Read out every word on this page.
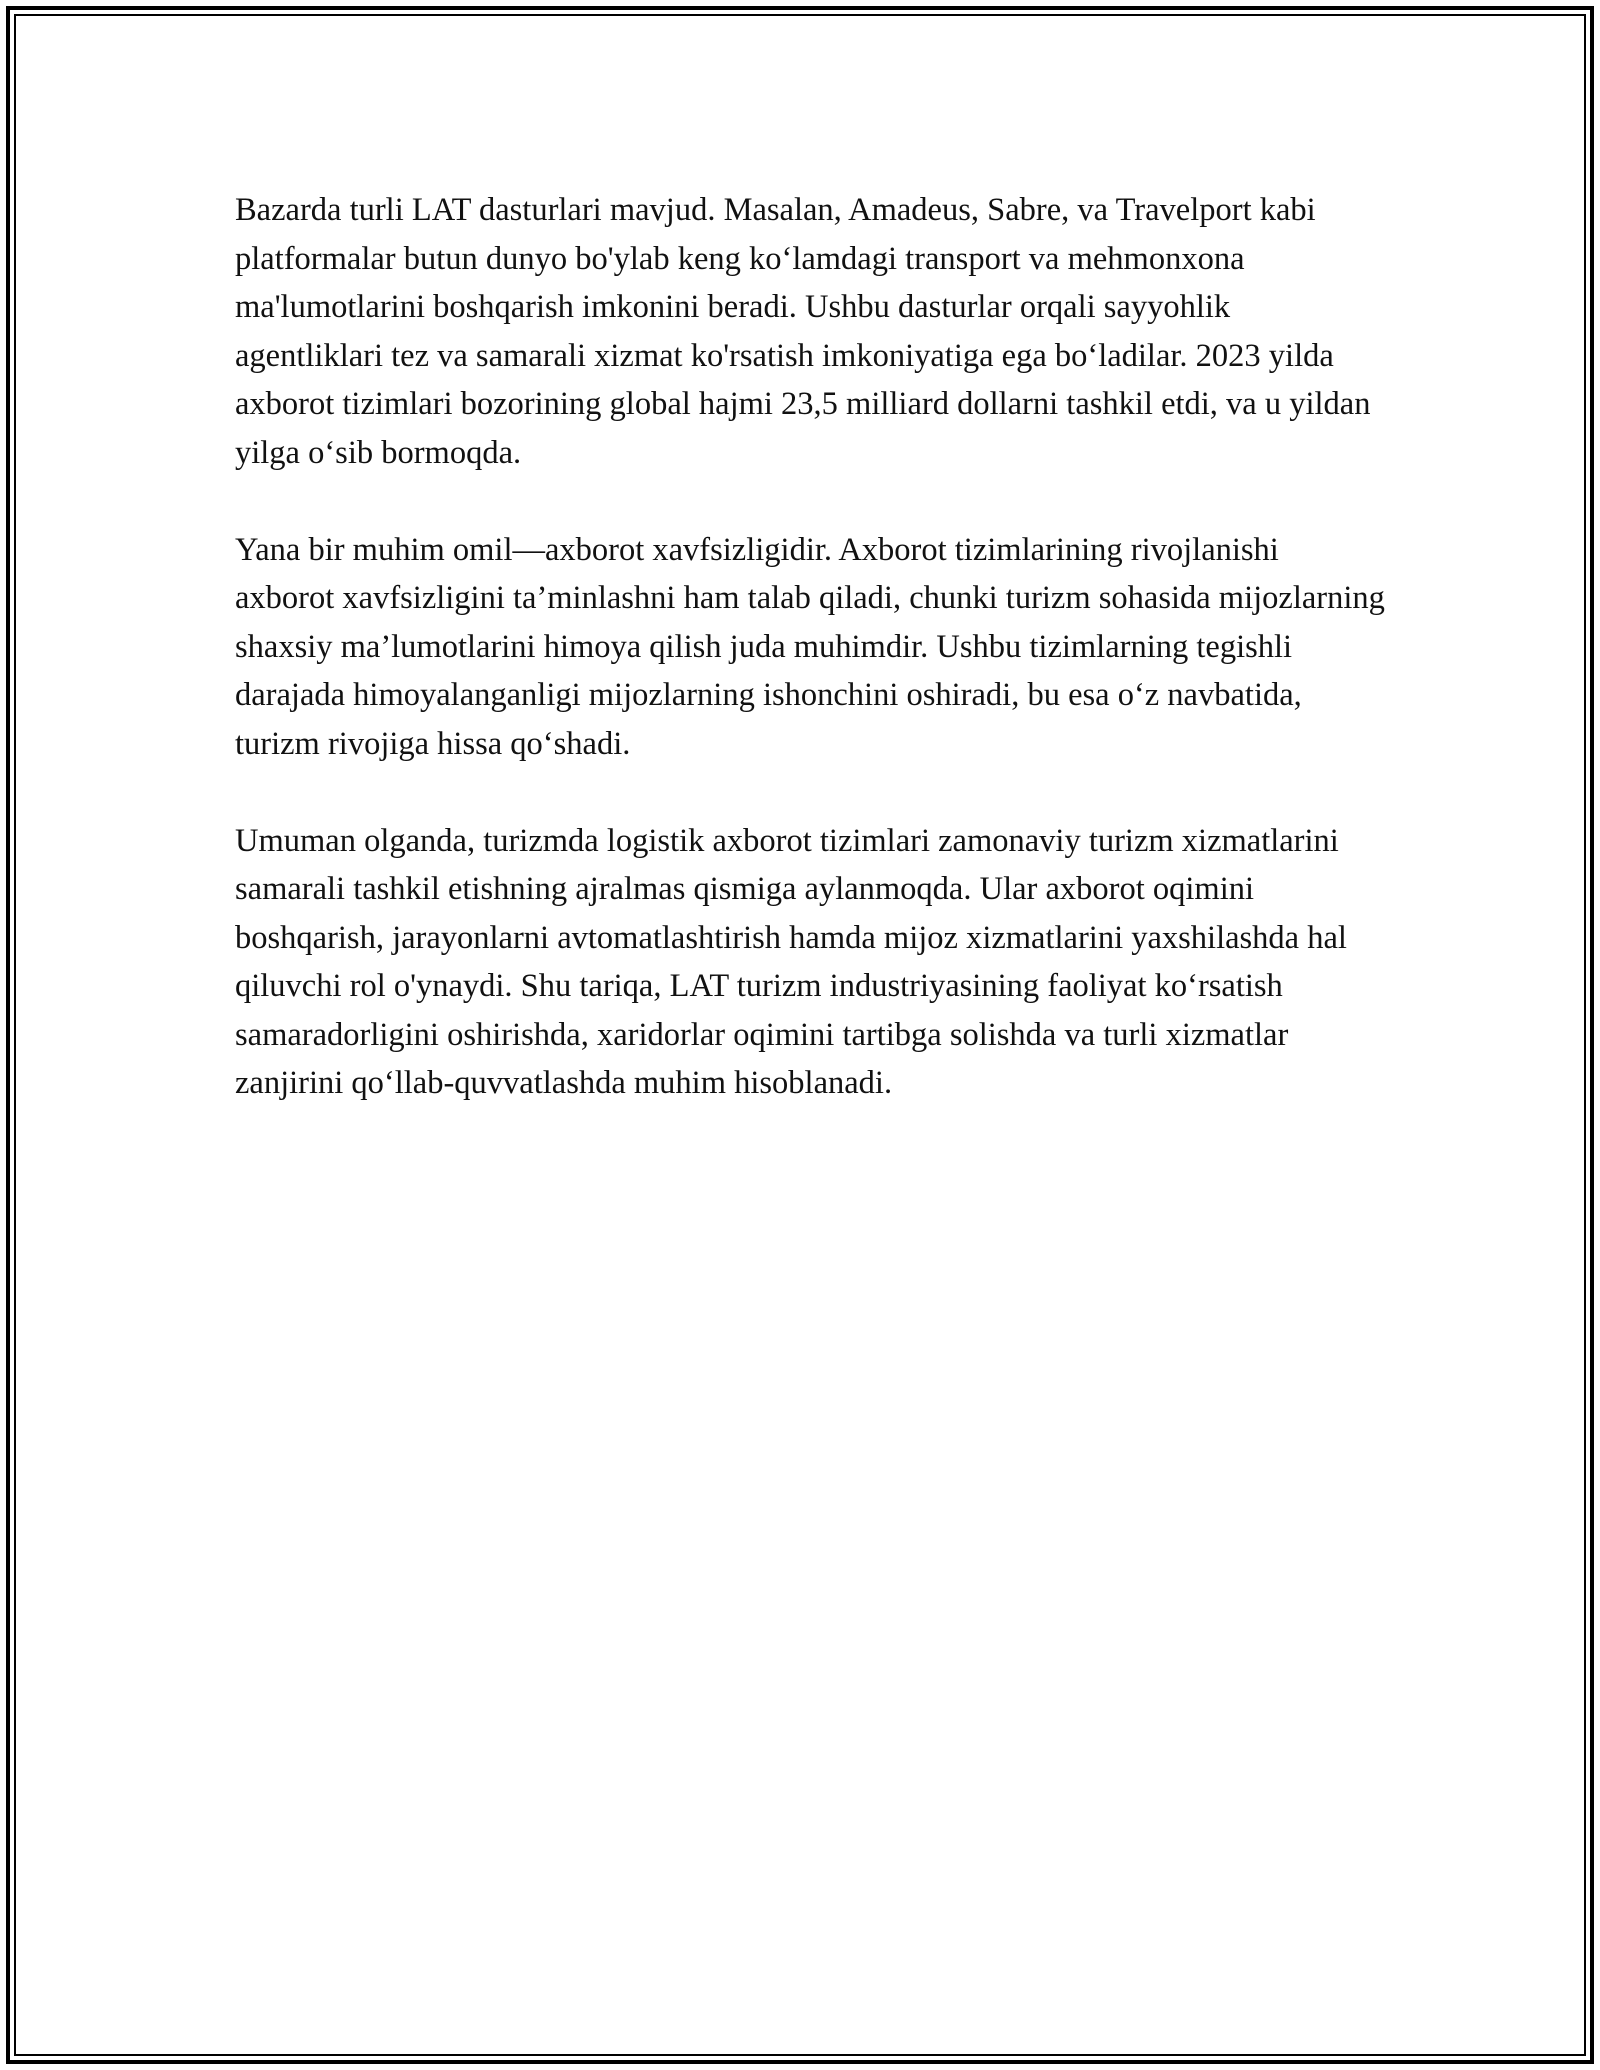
Bazarda turli LAT dasturlari mavjud. Masalan, Amadeus, Sabre, va Travelport kabi platformalar butun dunyo bo'ylab keng ko‘lamdagi transport va mehmonxona ma'lumotlarini boshqarish imkonini beradi. Ushbu dasturlar orqali sayyohlik agentliklari tez va samarali xizmat ko'rsatish imkoniyatiga ega bo‘ladilar. 2023 yilda axborot tizimlari bozorining global hajmi 23,5 milliard dollarni tashkil etdi, va u yildan yilga o‘sib bormoqda.

Yana bir muhim omil—axborot xavfsizligidir. Axborot tizimlarining rivojlanishi axborot xavfsizligini ta’minlashni ham talab qiladi, chunki turizm sohasida mijozlarning shaxsiy ma’lumotlarini himoya qilish juda muhimdir. Ushbu tizimlarning tegishli darajada himoyalanganligi mijozlarning ishonchini oshiradi, bu esa o‘z navbatida, turizm rivojiga hissa qo‘shadi.

Umuman olganda, turizmda logistik axborot tizimlari zamonaviy turizm xizmatlarini samarali tashkil etishning ajralmas qismiga aylanmoqda. Ular axborot oqimini boshqarish, jarayonlarni avtomatlashtirish hamda mijoz xizmatlarini yaxshilashda hal qiluvchi rol o'ynaydi. Shu tariqa, LAT turizm industriyasining faoliyat ko‘rsatish samaradorligini oshirishda, xaridorlar oqimini tartibga solishda va turli xizmatlar zanjirini qo‘llab-quvvatlashda muhim hisoblanadi.
